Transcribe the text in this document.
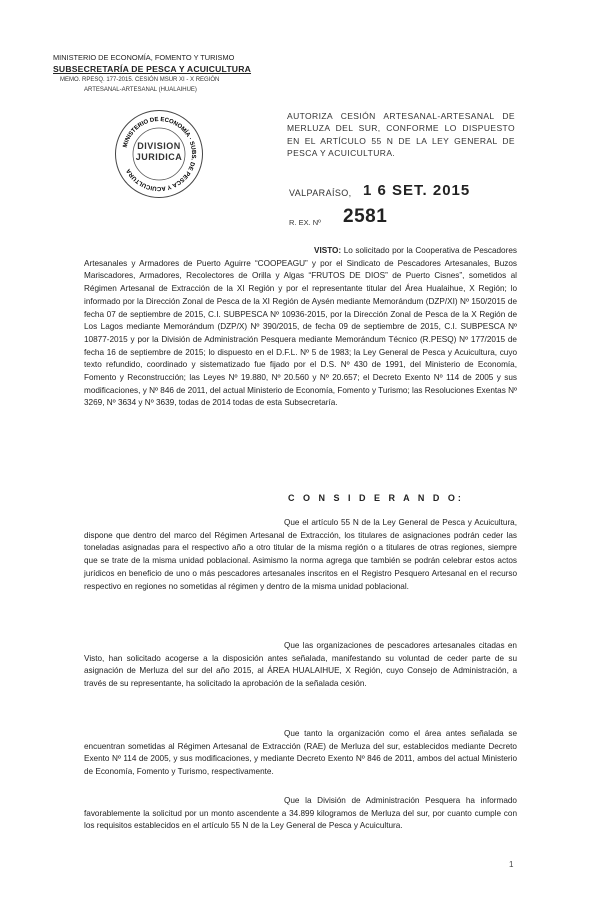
MINISTERIO DE ECONOMÍA, FOMENTO Y TURISMO
SUBSECRETARÍA DE PESCA Y ACUICULTURA
MEMO. RPESQ. 177-2015. CESIÓN MSUR XI - X REGIÓN
ARTESANAL-ARTESANAL (HUALAIHUE)
MINISTERIO DE ECONOMÍA · SUBS. DE PESCA Y ACUICULTURA
DIVISION
JURIDICA
AUTORIZA CESIÓN ARTESANAL-ARTESANAL DE MERLUZA DEL SUR, CONFORME LO DISPUESTO EN EL ARTÍCULO 55 N DE LA LEY GENERAL DE PESCA Y ACUICULTURA.
VALPARAÍSO, 1 6 SET. 2015
R. EX. Nº 2581
VISTO: Lo solicitado por la Cooperativa de Pescadores Artesanales y Armadores de Puerto Aguirre “COOPEAGU” y por el Sindicato de Pescadores Artesanales, Buzos Mariscadores, Armadores, Recolectores de Orilla y Algas “FRUTOS DE DIOS” de Puerto Cisnes”, sometidos al Régimen Artesanal de Extracción de la XI Región y por el representante titular del Área Hualaihue, X Región; lo informado por la Dirección Zonal de Pesca de la XI Región de Aysén mediante Memorándum (DZP/XI) Nº 150/2015 de fecha 07 de septiembre de 2015, C.I. SUBPESCA Nº 10936-2015, por la Dirección Zonal de Pesca de la X Región de Los Lagos mediante Memorándum (DZP/X) Nº 390/2015, de fecha 09 de septiembre de 2015, C.I. SUBPESCA Nº 10877-2015 y por la División de Administración Pesquera mediante Memorándum Técnico (R.PESQ) Nº 177/2015 de fecha 16 de septiembre de 2015; lo dispuesto en el D.F.L. Nº 5 de 1983; la Ley General de Pesca y Acuicultura, cuyo texto refundido, coordinado y sistematizado fue fijado por el D.S. Nº 430 de 1991, del Ministerio de Economía, Fomento y Reconstrucción; las Leyes Nº 19.880, Nº 20.560 y Nº 20.657; el Decreto Exento Nº 114 de 2005 y sus modificaciones, y Nº 846 de 2011, del actual Ministerio de Economía, Fomento y Turismo; las Resoluciones Exentas Nº 3269, Nº 3634 y Nº 3639, todas de 2014 todas de esta Subsecretaría.
C O N S I D E R A N D O:
Que el artículo 55 N de la Ley General de Pesca y Acuicultura, dispone que dentro del marco del Régimen Artesanal de Extracción, los titulares de asignaciones podrán ceder las toneladas asignadas para el respectivo año a otro titular de la misma región o a titulares de otras regiones, siempre que se trate de la misma unidad poblacional. Asimismo la norma agrega que también se podrán celebrar estos actos jurídicos en beneficio de uno o más pescadores artesanales inscritos en el Registro Pesquero Artesanal en el recurso respectivo en regiones no sometidas al régimen y dentro de la misma unidad poblacional.
Que las organizaciones de pescadores artesanales citadas en Visto, han solicitado acogerse a la disposición antes señalada, manifestando su voluntad de ceder parte de su asignación de Merluza del sur del año 2015, al ÁREA HUALAIHUE, X Región, cuyo Consejo de Administración, a través de su representante, ha solicitado la aprobación de la señalada cesión.
Que tanto la organización como el área antes señalada se encuentran sometidas al Régimen Artesanal de Extracción (RAE) de Merluza del sur, establecidos mediante Decreto Exento Nº 114 de 2005, y sus modificaciones, y mediante Decreto Exento Nº 846 de 2011, ambos del actual Ministerio de Economía, Fomento y Turismo, respectivamente.
Que la División de Administración Pesquera ha informado favorablemente la solicitud por un monto ascendente a 34.899 kilogramos de Merluza del sur, por cuanto cumple con los requisitos establecidos en el artículo 55 N de la Ley General de Pesca y Acuicultura.
1
